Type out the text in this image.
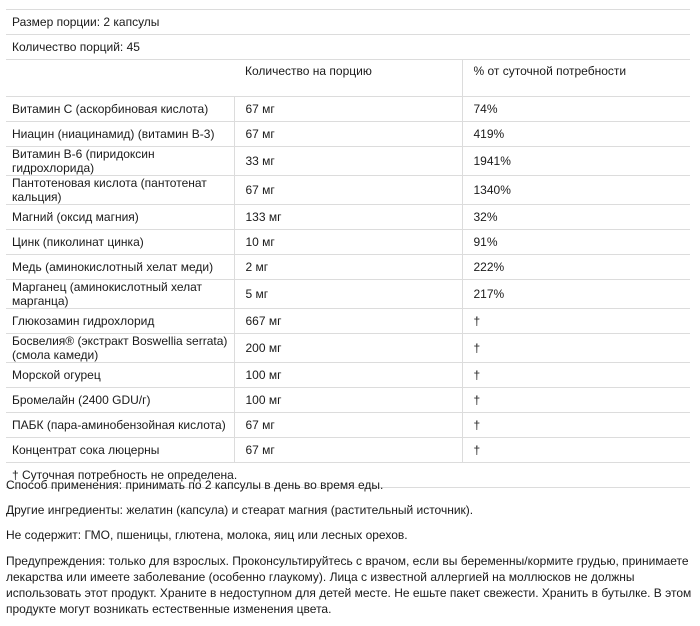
Размер порции: 2 капсулы		
Количество порций: 45		
	Количество на порцию	% от суточной потребности
Витамин C (аскорбиновая кислота)	67 мг	74%
Ниацин (ниацинамид) (витамин B-3)	67 мг	419%
Витамин B-6 (пиридоксин гидрохлорида)	33 мг	1941%
Пантотеновая кислота (пантотенат кальция)	67 мг	1340%
Магний (оксид магния)	133 мг	32%
Цинк (пиколинат цинка)	10 мг	91%
Медь (аминокислотный хелат меди)	2 мг	222%
Марганец (аминокислотный хелат марганца)	5 мг	217%
Глюкозамин гидрохлорид	667 мг	†
Босвелия® (экстракт Boswellia serrata) (смола камеди)	200 мг	†
Морской огурец	100 мг	†
Бромелайн (2400 GDU/г)	100 мг	†
ПАБК (пара-аминобензойная кислота)	67 мг	†
Концентрат сока люцерны	67 мг	†
† Суточная потребность не определена.		

Способ применения: принимать по 2 капсулы в день во время еды.

Другие ингредиенты: желатин (капсула) и стеарат магния (растительный источник).

Не содержит: ГМО, пшеницы, глютена, молока, яиц или лесных орехов.

Предупреждения: только для взрослых. Проконсультируйтесь с врачом, если вы беременны/кормите грудью, принимаете лекарства или имеете заболевание (особенно глаукому). Лица с известной аллергией на моллюсков не должны использовать этот продукт. Храните в недоступном для детей месте. Не ешьте пакет свежести. Хранить в бутылке. В этом продукте могут возникать естественные изменения цвета.
